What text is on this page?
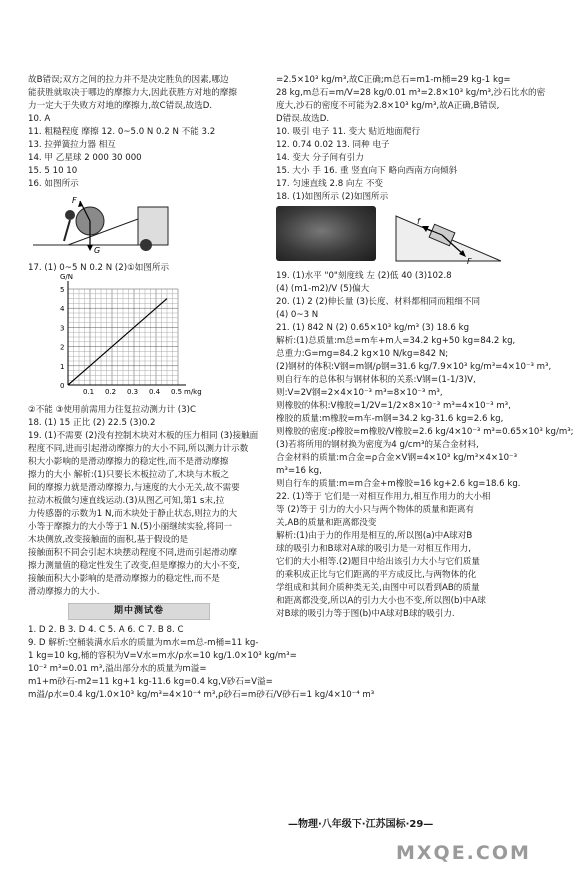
故B错误;双方之间的拉力并不是决定胜负的因素,哪边
能获胜就取决于哪边的摩擦力大,因此获胜方对地的摩擦
力一定大于失败方对地的摩擦力,故C错误,故选D.
10. A
11. 粗糙程度 摩擦 12. 0~5.0 N 0.2 N 不能 3.2
13. 拉弹簧拉力器 相互
14. 甲 乙星球 2 000 30 000
15. 5 10 10
16. 如图所示
F
G
17. (1) 0~5 N 0.2 N (2)①如图所示
G/N
m/kg
5
4
3
2
1
0
0.1 0.2 0.3 0.4 0.5
②不能 ③使用前需用力往复拉动测力计 (3)C
18. (1) 15 正比 (2) 22.5 (3)0.2
19. (1)不需要 (2)没有控制木块对木板的压力相同 (3)接触面
程度不同,进而引起滑动摩擦力的大小不同,所以测力计示数
积大小影响的是滑动摩擦力的稳定性,而不是滑动摩擦
擦力的大小 解析:(1)只要长木板拉动了,木块与木板之
间的摩擦力就是滑动摩擦力,与速度的大小无关,故不需要
拉动木板做匀速直线运动.(3)从图乙可知,第1 s末,拉
力传感器的示数为1 N,而木块处于静止状态,则拉力的大
小等于摩擦力的大小等于1 N.(5)小丽继续实验,将同一
木块侧放,改变接触面的面积,基于假设的是
接触面积不同会引起木块摆动程度不同,进而引起滑动摩
擦力测量值的稳定性发生了改变,但是摩擦力的大小不变,
接触面积大小影响的是滑动摩擦力的稳定性,而不是
滑动摩擦力的大小.
期中测试卷
1. D 2. B 3. D 4. C 5. A 6. C 7. B 8. C
9. D 解析:空桶装满水后水的质量为m水=m总-m桶=11 kg-
1 kg=10 kg,桶的容积为V=V水=m水/ρ水=10 kg/1.0×10³ kg/m³=
10⁻² m³=0.01 m³,溢出部分水的质量为m溢=
m1+m砂石-m2=11 kg+1 kg-11.6 kg=0.4 kg,V砂石=V溢=
m溢/ρ水=0.4 kg/1.0×10³ kg/m³=4×10⁻⁴ m³,ρ砂石=m砂石/V砂石=1 kg/4×10⁻⁴ m³
=2.5×10³ kg/m³,故C正确;m总石=m1-m桶=29 kg-1 kg=
28 kg,m总石=m/V=28 kg/0.01 m³=2.8×10³ kg/m³,沙石比水的密
度大,沙石的密度不可能为2.8×10³ kg/m³,故A正确,B错误,
D错误.故选D.
10. 吸引 电子 11. 变大 贴近地面爬行
12. 0.74 0.02 13. 同种 电子
14. 变大 分子间有引力
15. 大小 手 16. 重 竖直向下 略向西南方向倾斜
17. 匀速直线 2.8 向左 不变
18. (1)如图所示 (2)如图所示

F
f
19. (1)水平 "0"刻度线 左 (2)低 40 (3)102.8
(4) (m1-m2)/V (5)偏大
20. (1) 2 (2)伸长量 (3)长度、材料都相同而粗细不同
(4) 0~3 N
21. (1) 842 N (2) 0.65×10³ kg/m³ (3) 18.6 kg
解析:(1)总质量:m总=m车+m人=34.2 kg+50 kg=84.2 kg,
总重力:G=mg=84.2 kg×10 N/kg=842 N;
(2)钢材的体积:V钢=m钢/ρ钢=31.6 kg/7.9×10³ kg/m³=4×10⁻³ m³,
则自行车的总体积与钢材体积的关系:V钢=(1-1/3)V,
则:V=2V钢=2×4×10⁻³ m³=8×10⁻³ m³,
则橡胶的体积:V橡胶=1/2V=1/2×8×10⁻³ m³=4×10⁻³ m³,
橡胶的质量:m橡胶=m车-m钢=34.2 kg-31.6 kg=2.6 kg,
则橡胶的密度:ρ橡胶=m橡胶/V橡胶=2.6 kg/4×10⁻³ m³=0.65×10³ kg/m³;
(3)若将所用的钢材换为密度为4 g/cm³的某合金材料,
合金材料的质量:m合金=ρ合金×V钢=4×10³ kg/m³×4×10⁻³
m³=16 kg,
则自行车的质量:m=m合金+m橡胶=16 kg+2.6 kg=18.6 kg.
22. (1)等于 它们是一对相互作用力,相互作用力的大小相
等 (2)等于 引力的大小只与两个物体的质量和距离有
关,AB的质量和距离都没变
解析:(1)由于力的作用是相互的,所以图(a)中A球对B
球的吸引力和B球对A球的吸引力是一对相互作用力,
它们的大小相等.(2)题目中给出该引力大小与它们质量
的乘积成正比与它们距离的平方成反比,与两物体的化
学组成和其间介质种类无关,由图中可以看到AB的质量
和距离都没变,所以A的引力大小也不变,所以图(b)中A球
对B球的吸引力等于图(b)中A球对B球的吸引力.
—物理·八年级下·江苏国标·29—
MXQE.COM
